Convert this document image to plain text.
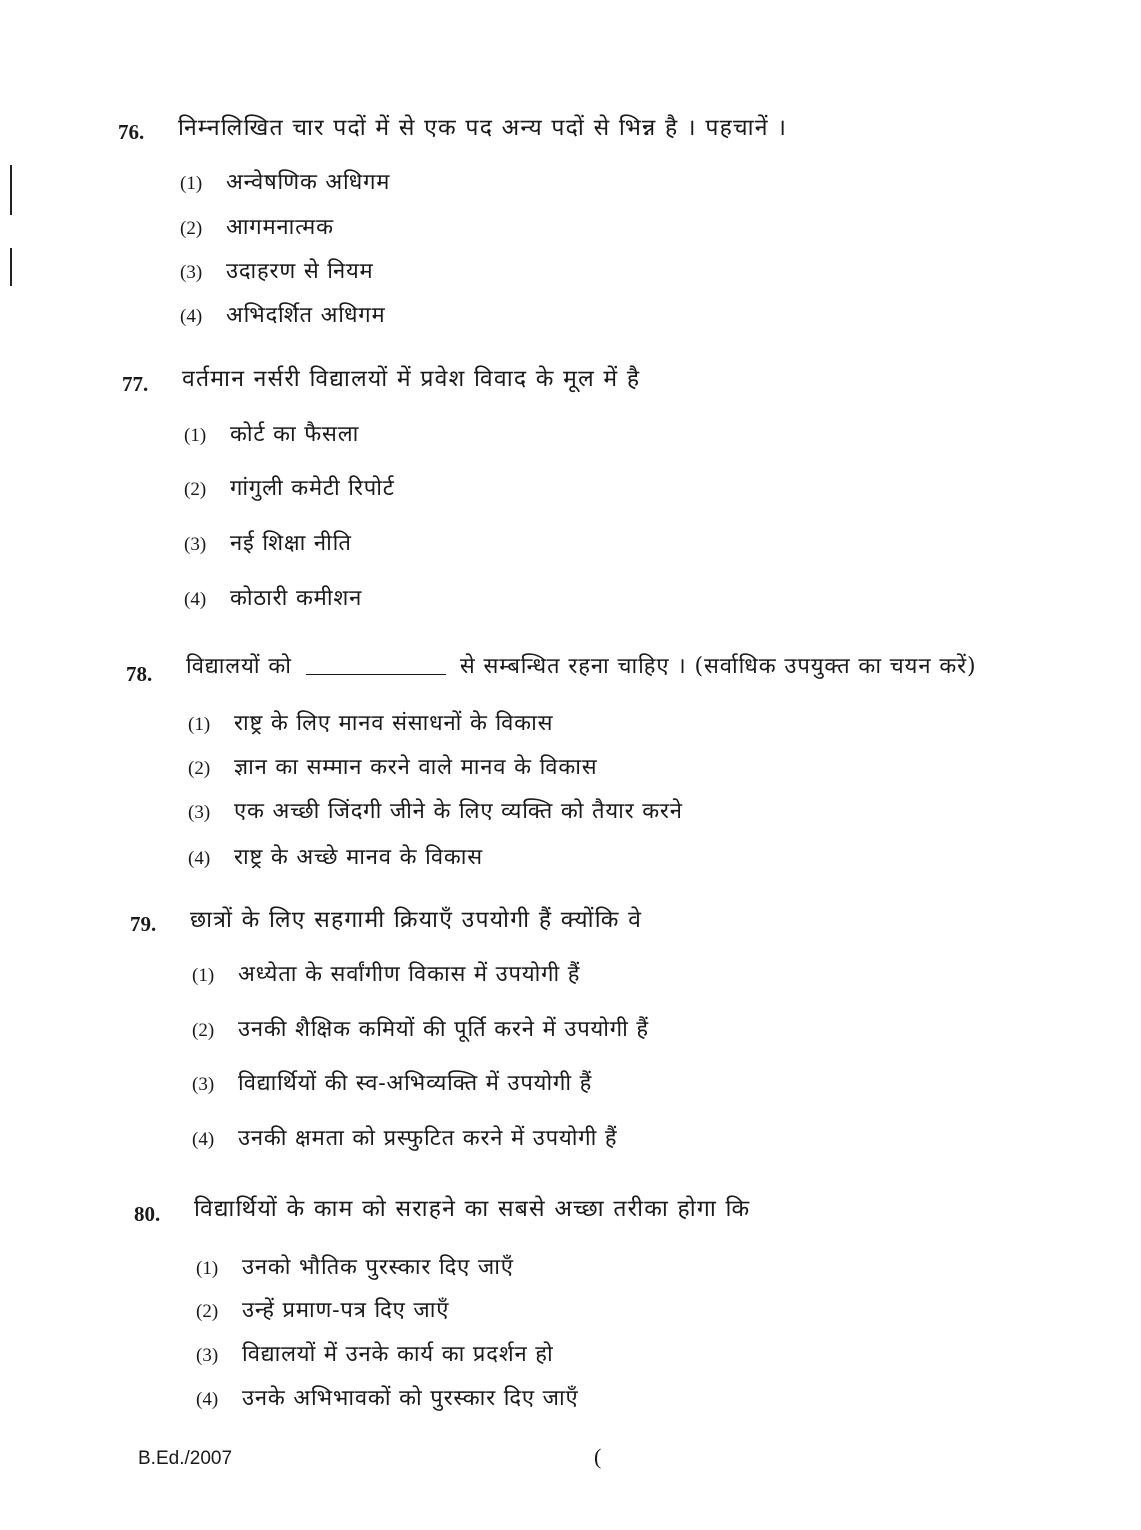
76. निम्नलिखित चार पदों में से एक पद अन्य पदों से भिन्न है । पहचानें ।
(1) अन्वेषणिक अधिगम
(2) आगमनात्मक
(3) उदाहरण से नियम
(4) अभिदर्शित अधिगम
77. वर्तमान नर्सरी विद्यालयों में प्रवेश विवाद के मूल में है
(1) कोर्ट का फैसला
(2) गांगुली कमेटी रिपोर्ट
(3) नई शिक्षा नीति
(4) कोठारी कमीशन
78. विद्यालयों को	से सम्बन्धित रहना चाहिए । (सर्वाधिक उपयुक्त का चयन करें)
(1) राष्ट्र के लिए मानव संसाधनों के विकास
(2) ज्ञान का सम्मान करने वाले मानव के विकास
(3) एक अच्छी जिंदगी जीने के लिए व्यक्ति को तैयार करने
(4) राष्ट्र के अच्छे मानव के विकास
79. छात्रों के लिए सहगामी क्रियाएँ उपयोगी हैं क्योंकि वे
(1) अध्येता के सर्वांगीण विकास में उपयोगी हैं
(2) उनकी शैक्षिक कमियों की पूर्ति करने में उपयोगी हैं
(3) विद्यार्थियों की स्व-अभिव्यक्ति में उपयोगी हैं
(4) उनकी क्षमता को प्रस्फुटित करने में उपयोगी हैं
80. विद्यार्थियों के काम को सराहने का सबसे अच्छा तरीका होगा कि
(1) उनको भौतिक पुरस्कार दिए जाएँ
(2) उन्हें प्रमाण-पत्र दिए जाएँ
(3) विद्यालयों में उनके कार्य का प्रदर्शन हो
(4) उनके अभिभावकों को पुरस्कार दिए जाएँ
B.Ed./2007	(
